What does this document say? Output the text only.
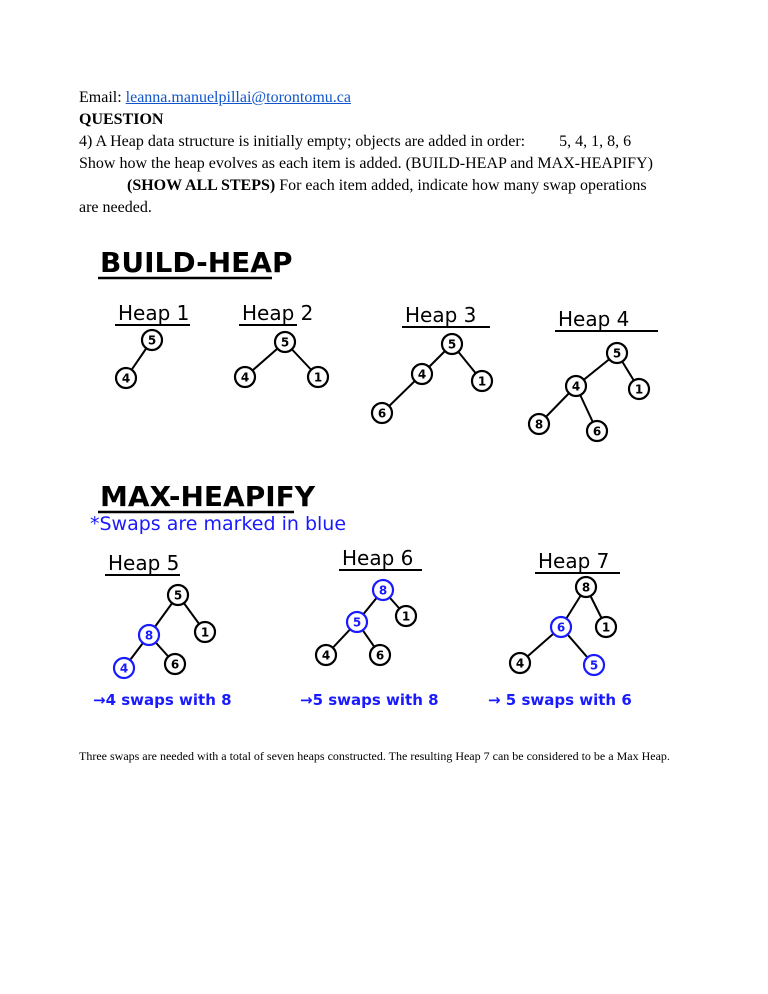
Email: leanna.manuelpillai@torontomu.ca
QUESTION
4) A Heap data structure is initially empty; objects are added in order: 5, 4, 1, 8, 6
Show how the heap evolves as each item is added. (BUILD-HEAP and MAX-HEAPIFY)
(SHOW ALL STEPS) For each item added, indicate how many swap operations
are needed.
BUILD-HEAP
MAX-HEAPIFY
*Swaps are marked in blue
Heap 1
5
4
Heap 2
5
4	1
Heap 3
5
4	1
6
Heap 4
5
4	1
8	6
Heap 5
5
8	1
4	6
→4 swaps with 8
Heap 6
8
5	1
4	6
→5 swaps with 8
Heap 7
8
6	1
4	5
→ 5 swaps with 6
Three swaps are needed with a total of seven heaps constructed. The resulting Heap 7 can be considered to be a Max Heap.
